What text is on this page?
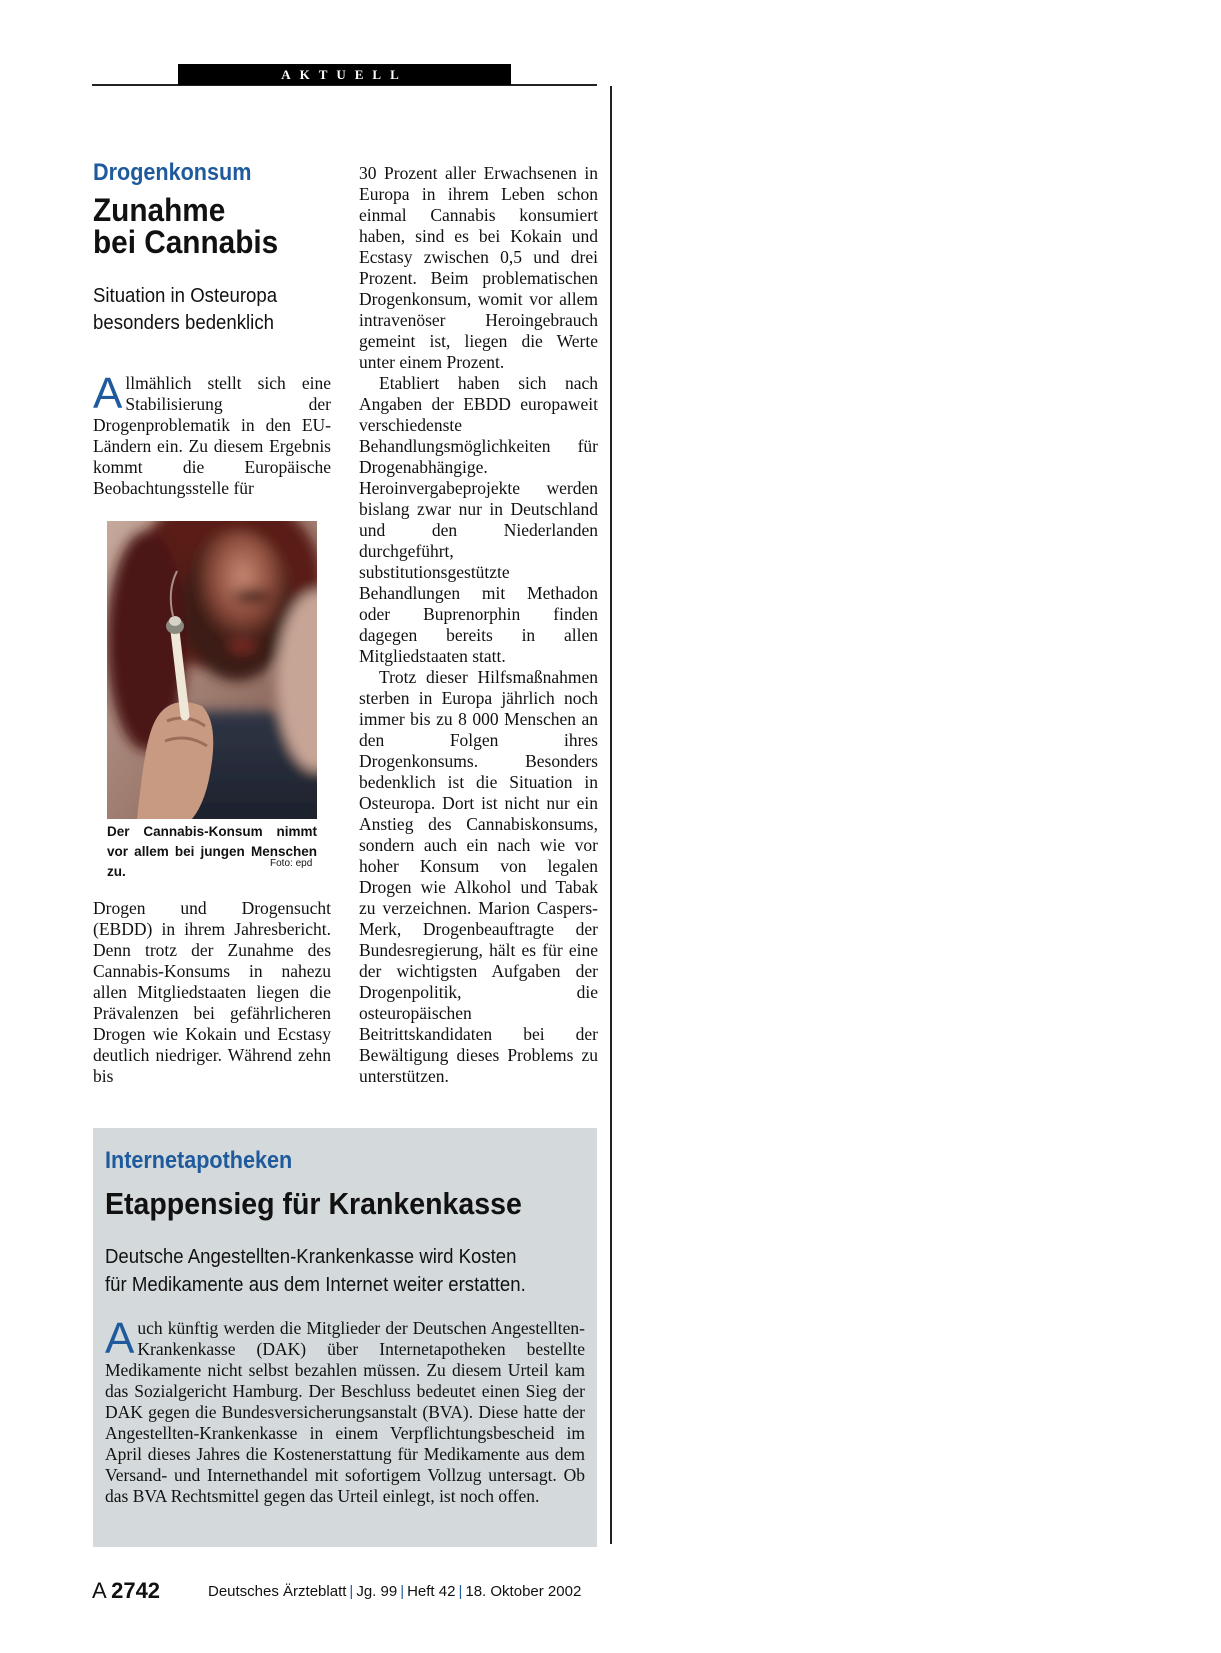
AKTUELL
Drogenkonsum
Zunahme
bei Cannabis
Situation in Osteuropa
besonders bedenklich

Allmählich stellt sich eine Stabilisierung der Drogenproblematik in den EU-Ländern ein. Zu diesem Ergebnis kommt die Europäische Beobachtungsstelle für

Der Cannabis-Konsum nimmt vor allem bei jungen Menschen zu.
Foto: epd

Drogen und Drogensucht (EBDD) in ihrem Jahresbericht. Denn trotz der Zunahme des Cannabis-Konsums in nahezu allen Mitgliedstaaten liegen die Prävalenzen bei gefährlicheren Drogen wie Kokain und Ecstasy deutlich niedriger. Während zehn bis

30 Prozent aller Erwachsenen in Europa in ihrem Leben schon einmal Cannabis konsumiert haben, sind es bei Kokain und Ecstasy zwischen 0,5 und drei Prozent. Beim problematischen Drogenkonsum, womit vor allem intravenöser Heroingebrauch gemeint ist, liegen die Werte unter einem Prozent.

Etabliert haben sich nach Angaben der EBDD europaweit verschiedenste Behandlungsmöglichkeiten für Drogenabhängige. Heroinvergabeprojekte werden bislang zwar nur in Deutschland und den Niederlanden durchgeführt, substitutionsgestützte Behandlungen mit Methadon oder Buprenorphin finden dagegen bereits in allen Mitgliedstaaten statt.

Trotz dieser Hilfsmaßnahmen sterben in Europa jährlich noch immer bis zu 8 000 Menschen an den Folgen ihres Drogenkonsums. Besonders bedenklich ist die Situation in Osteuropa. Dort ist nicht nur ein Anstieg des Cannabiskonsums, sondern auch ein nach wie vor hoher Konsum von legalen Drogen wie Alkohol und Tabak zu verzeichnen. Marion Caspers-Merk, Drogenbeauftragte der Bundesregierung, hält es für eine der wichtigsten Aufgaben der Drogenpolitik, die osteuropäischen Beitrittskandidaten bei der Bewältigung dieses Problems zu unterstützen.

Internetapotheken
Etappensieg für Krankenkasse
Deutsche Angestellten-Krankenkasse wird Kosten
für Medikamente aus dem Internet weiter erstatten.

Auch künftig werden die Mitglieder der Deutschen Angestellten-Krankenkasse (DAK) über Internetapotheken bestellte Medikamente nicht selbst bezahlen müssen. Zu diesem Urteil kam das Sozialgericht Hamburg. Der Beschluss bedeutet einen Sieg der DAK gegen die Bundesversicherungsanstalt (BVA). Diese hatte der Angestellten-Krankenkasse in einem Verpflichtungsbescheid im April dieses Jahres die Kostenerstattung für Medikamente aus dem Versand- und Internethandel mit sofortigem Vollzug untersagt. Ob das BVA Rechtsmittel gegen das Urteil einlegt, ist noch offen.

A  2742	Deutsches Ärzteblatt | Jg. 99 | Heft 42 | 18. Oktober 2002
